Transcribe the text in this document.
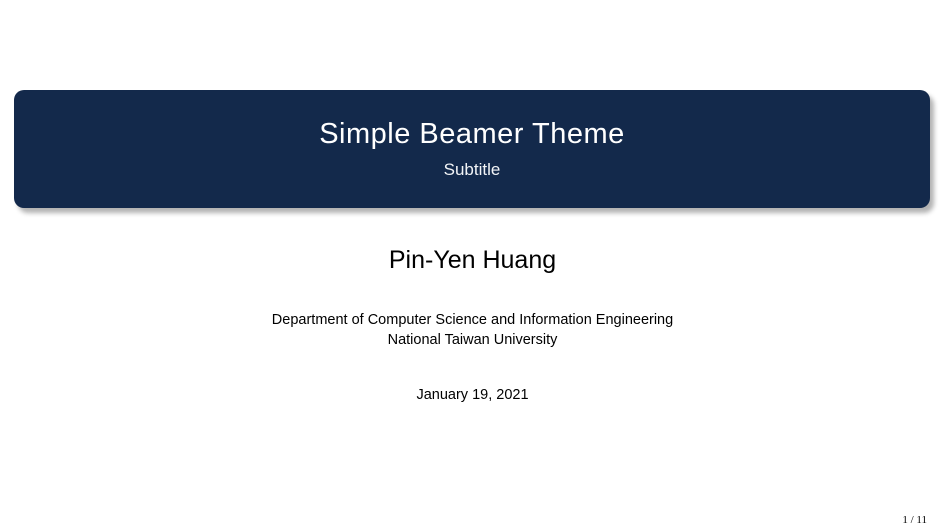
Simple Beamer Theme
Subtitle
Pin-Yen Huang
Department of Computer Science and Information Engineering
National Taiwan University
January 19, 2021
1 / 11
